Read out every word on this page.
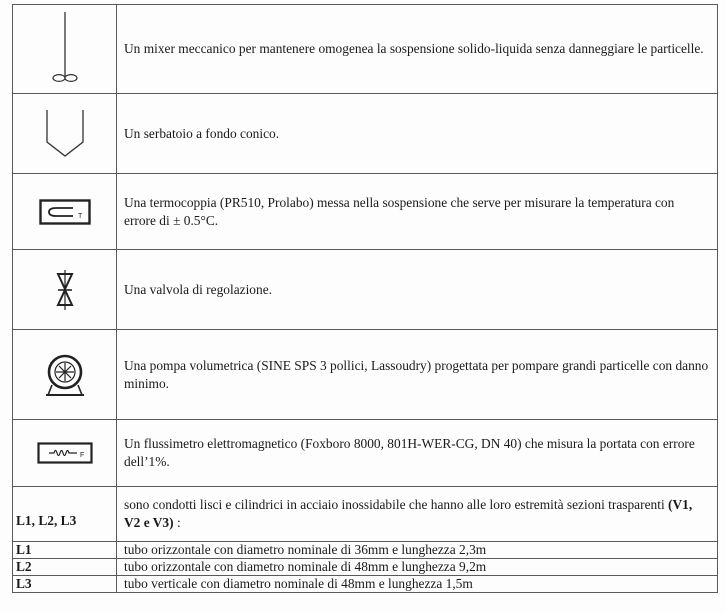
	Un mixer meccanico per mantenere omogenea la sospensione solido-liquida senza danneggiare le particelle.

	Un serbatoio a fondo conico.

T	Una termocoppia (PR510, Prolabo) messa nella sospensione che serve per misurare la temperatura con errore di ± 0.5°C.

	Una valvola di regolazione.

	Una pompa volumetrica (SINE SPS 3 pollici, Lassoudry) progettata per pompare grandi particelle con danno minimo.

F	Un flussimetro elettromagnetico (Foxboro 8000, 801H-WER-CG, DN 40) che misura la portata con errore dell’1%.
L1, L2, L3	sono condotti lisci e cilindrici in acciaio inossidabile che hanno alle loro estremità sezioni trasparenti (V1, V2 e V3) :
L1	tubo orizzontale con diametro nominale di 36mm e lunghezza 2,3m
L2	tubo orizzontale con diametro nominale di 48mm e lunghezza 9,2m
L3	tubo verticale con diametro nominale di 48mm e lunghezza 1,5m
